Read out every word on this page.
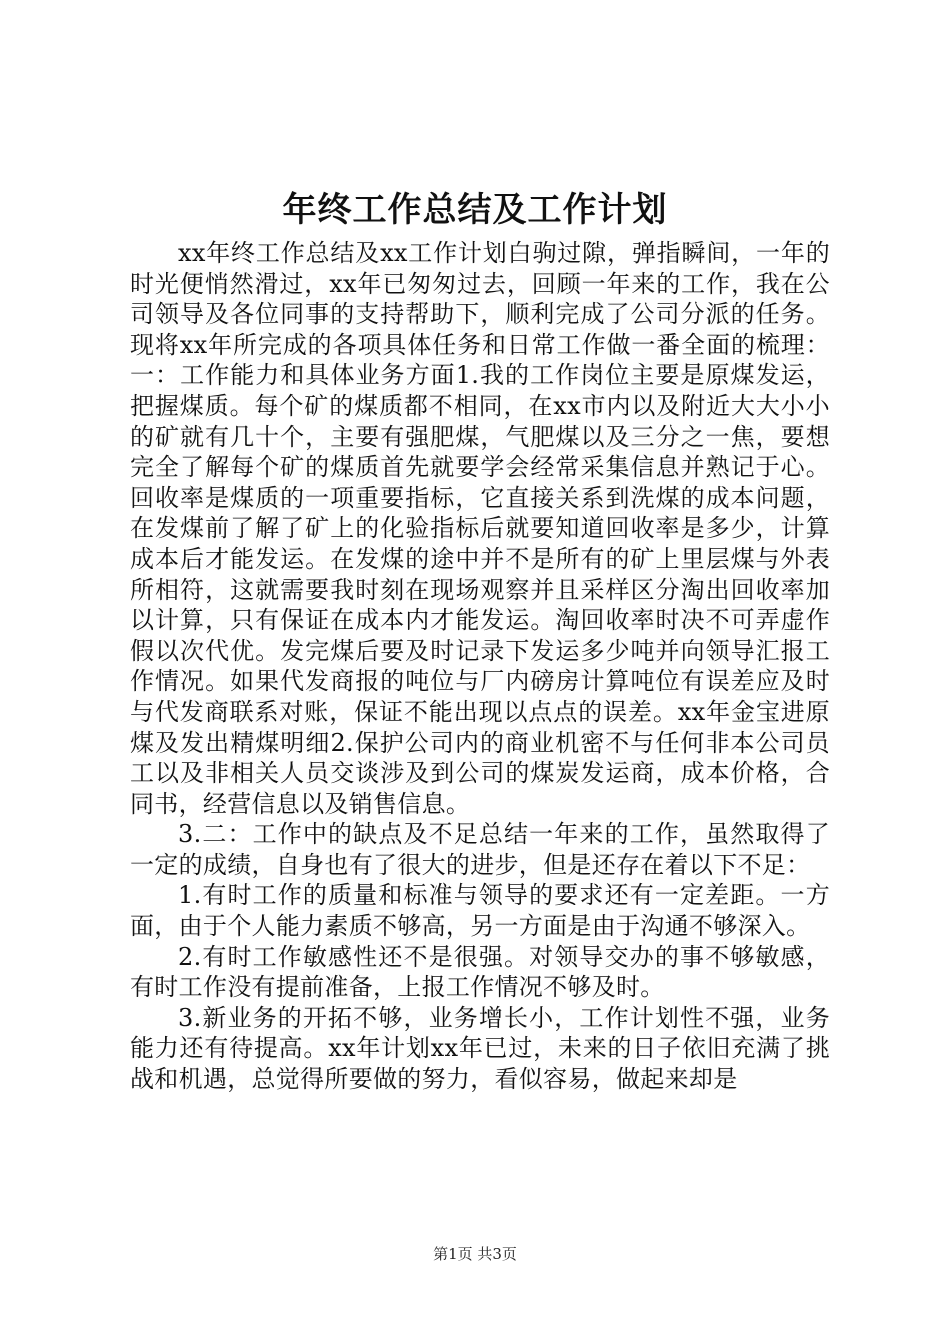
年终工作总结及工作计划

xx年终工作总结及xx工作计划白驹过隙，弹指瞬间，一年的时光便悄然滑过，xx年已匆匆过去，回顾一年来的工作，我在公司领导及各位同事的支持帮助下，顺利完成了公司分派的任务。现将xx年所完成的各项具体任务和日常工作做一番全面的梳理：一：工作能力和具体业务方面1.我的工作岗位主要是原煤发运，把握煤质。每个矿的煤质都不相同，在xx市内以及附近大大小小的矿就有几十个，主要有强肥煤，气肥煤以及三分之一焦，要想完全了解每个矿的煤质首先就要学会经常采集信息并熟记于心。回收率是煤质的一项重要指标，它直接关系到洗煤的成本问题，在发煤前了解了矿上的化验指标后就要知道回收率是多少，计算成本后才能发运。在发煤的途中并不是所有的矿上里层煤与外表所相符，这就需要我时刻在现场观察并且采样区分淘出回收率加以计算，只有保证在成本内才能发运。淘回收率时决不可弄虚作假以次代优。发完煤后要及时记录下发运多少吨并向领导汇报工作情况。如果代发商报的吨位与厂内磅房计算吨位有误差应及时与代发商联系对账，保证不能出现以点点的误差。xx年金宝进原煤及发出精煤明细2.保护公司内的商业机密不与任何非本公司员工以及非相关人员交谈涉及到公司的煤炭发运商，成本价格，合同书，经营信息以及销售信息。

3.二：工作中的缺点及不足总结一年来的工作，虽然取得了一定的成绩，自身也有了很大的进步，但是还存在着以下不足：

1.有时工作的质量和标准与领导的要求还有一定差距。一方面，由于个人能力素质不够高，另一方面是由于沟通不够深入。

2.有时工作敏感性还不是很强。对领导交办的事不够敏感，有时工作没有提前准备，上报工作情况不够及时。

3.新业务的开拓不够，业务增长小，工作计划性不强，业务能力还有待提高。xx年计划xx年已过，未来的日子依旧充满了挑战和机遇，总觉得所要做的努力，看似容易，做起来却是

第1页 共3页
